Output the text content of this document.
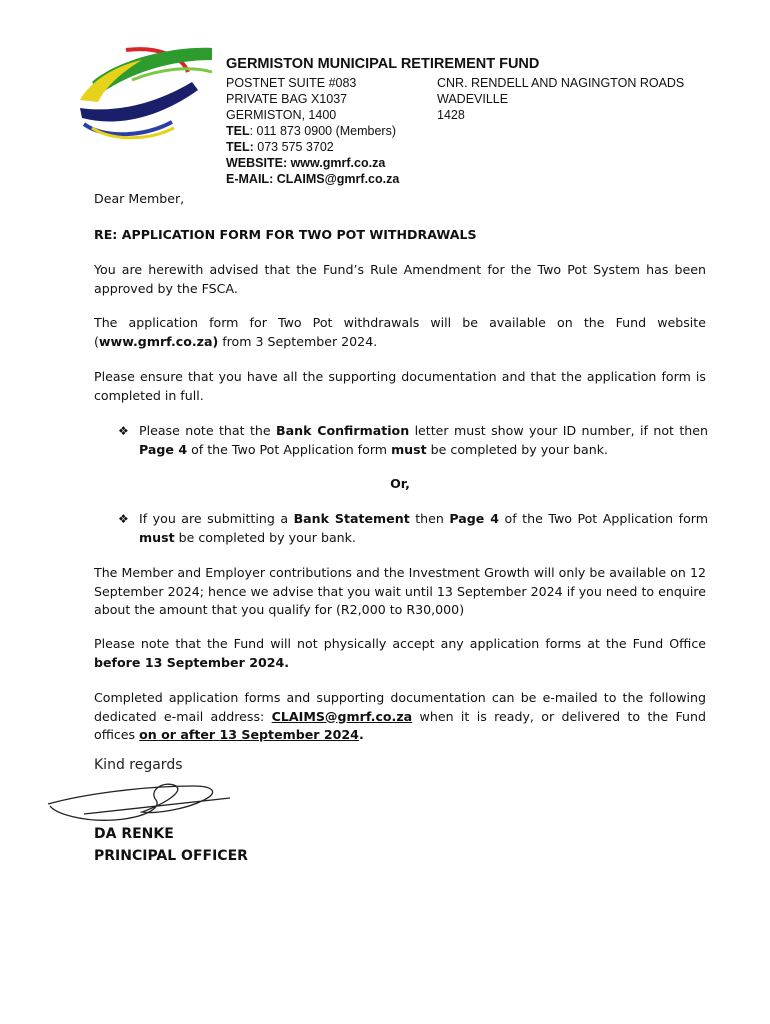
GERMISTON MUNICIPAL RETIREMENT FUND
POSTNET SUITE #083
PRIVATE BAG X1037
GERMISTON, 1400
TEL: 011 873 0900 (Members)
TEL: 073 575 3702
WEBSITE: www.gmrf.co.za
E-MAIL: CLAIMS@gmrf.co.za
CNR. RENDELL AND NAGINGTON ROADS
WADEVILLE
1428
Dear Member,
RE: APPLICATION FORM FOR TWO POT WITHDRAWALS
You are herewith advised that the Fund’s Rule Amendment for the Two Pot System has been approved by the FSCA.
The application form for Two Pot withdrawals will be available on the Fund website (www.gmrf.co.za) from 3 September 2024.
Please ensure that you have all the supporting documentation and that the application form is completed in full.
❖ Please note that the Bank Confirmation letter must show your ID number, if not then Page 4 of the Two Pot Application form must be completed by your bank.
Or,
❖ If you are submitting a Bank Statement then Page 4 of the Two Pot Application form must be completed by your bank.
The Member and Employer contributions and the Investment Growth will only be available on 12 September 2024; hence we advise that you wait until 13 September 2024 if you need to enquire about the amount that you qualify for (R2,000 to R30,000)
Please note that the Fund will not physically accept any application forms at the Fund Office before 13 September 2024.
Completed application forms and supporting documentation can be e-mailed to the following dedicated e-mail address: CLAIMS@gmrf.co.za when it is ready, or delivered to the Fund offices on or after 13 September 2024.
Kind regards
DA RENKE
PRINCIPAL OFFICER
